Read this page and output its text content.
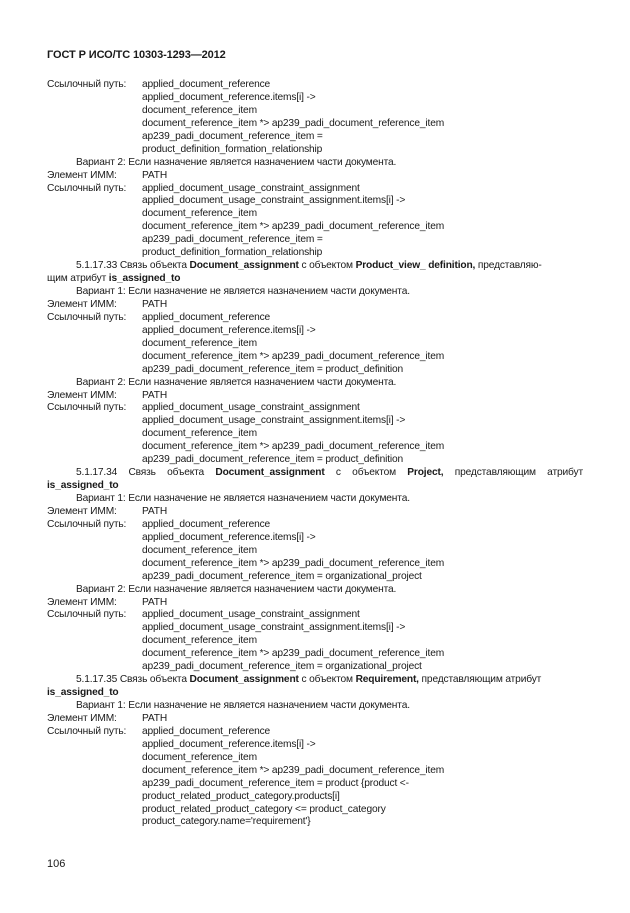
ГОСТ Р ИСО/ТС 10303-1293—2012
Ссылочный путь: applied_document_reference
applied_document_reference.items[i] ->
document_reference_item
document_reference_item *> ap239_padi_document_reference_item
ap239_padi_document_reference_item =
product_definition_formation_relationship
Вариант 2: Если назначение является назначением части документа.
Элемент ИММ: PATH
Ссылочный путь: applied_document_usage_constraint_assignment
applied_document_usage_constraint_assignment.items[i] ->
document_reference_item
document_reference_item *> ap239_padi_document_reference_item
ap239_padi_document_reference_item =
product_definition_formation_relationship
5.1.17.33 Связь объекта Document_assignment с объектом Product_view_ definition, представляю-
щим атрибут is_assigned_to
Вариант 1: Если назначение не является назначением части документа.
Элемент ИММ: PATH
Ссылочный путь: applied_document_reference
applied_document_reference.items[i] ->
document_reference_item
document_reference_item *> ap239_padi_document_reference_item
ap239_padi_document_reference_item = product_definition
Вариант 2: Если назначение является назначением части документа.
Элемент ИММ: PATH
Ссылочный путь: applied_document_usage_constraint_assignment
applied_document_usage_constraint_assignment.items[i] ->
document_reference_item
document_reference_item *> ap239_padi_document_reference_item
ap239_padi_document_reference_item = product_definition
5.1.17.34 Связь объекта Document_assignment с объектом Project, представляющим атрибут
is_assigned_to
Вариант 1: Если назначение не является назначением части документа.
Элемент ИММ: PATH
Ссылочный путь: applied_document_reference
applied_document_reference.items[i] ->
document_reference_item
document_reference_item *> ap239_padi_document_reference_item
ap239_padi_document_reference_item = organizational_project
Вариант 2: Если назначение является назначением части документа.
Элемент ИММ: PATH
Ссылочный путь: applied_document_usage_constraint_assignment
applied_document_usage_constraint_assignment.items[i] ->
document_reference_item
document_reference_item *> ap239_padi_document_reference_item
ap239_padi_document_reference_item = organizational_project
5.1.17.35 Связь объекта Document_assignment с объектом Requirement, представляющим атрибут
is_assigned_to
Вариант 1: Если назначение не является назначением части документа.
Элемент ИММ: PATH
Ссылочный путь: applied_document_reference
applied_document_reference.items[i] ->
document_reference_item
document_reference_item *> ap239_padi_document_reference_item
ap239_padi_document_reference_item = product {product <-
product_related_product_category.products[i]
product_related_product_category <= product_category
product_category.name='requirement'}
106
